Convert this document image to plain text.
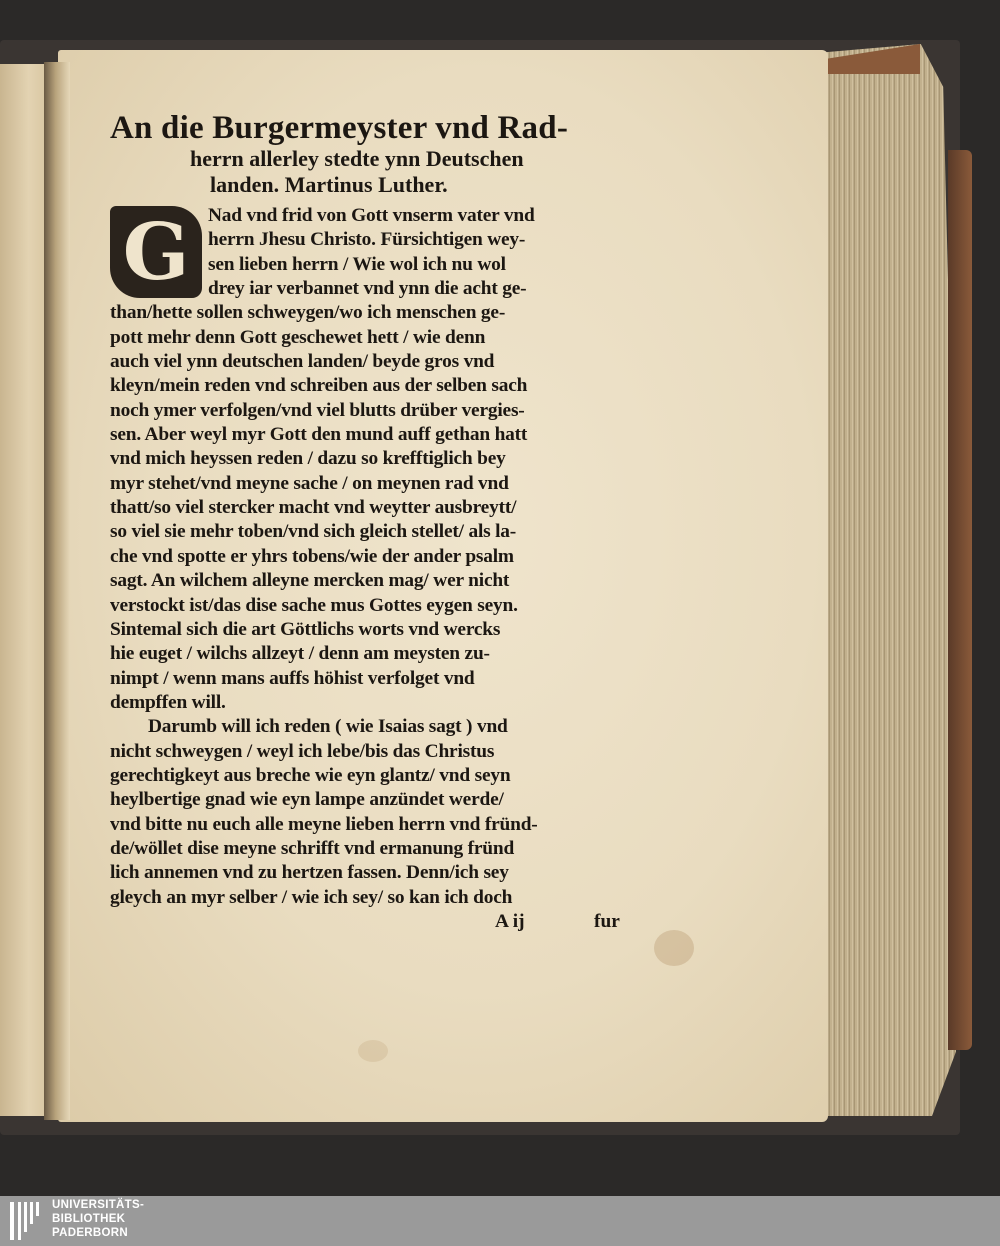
An die Burgermeyster vnd Rad-

herrn allerley stedte ynn Deutschen

landen. Martinus Luther.

G Nad vnd frid von Gott vnserm vater vnd

herrn Jhesu Christo. Fürsichtigen wey-

sen lieben herrn / Wie wol ich nu wol

drey iar verbannet vnd ynn die acht ge-

than/hette sollen schweygen/wo ich menschen ge-

pott mehr denn Gott geschewet hett / wie denn

auch viel ynn deutschen landen/ beyde gros vnd

kleyn/mein reden vnd schreiben aus der selben sach

noch ymer verfolgen/vnd viel blutts drüber vergies-

sen. Aber weyl myr Gott den mund auff gethan hatt

vnd mich heyssen reden / dazu so krefftiglich bey

myr stehet/vnd meyne sache / on meynen rad vnd

thatt/so viel stercker macht vnd weytter ausbreytt/

so viel sie mehr toben/vnd sich gleich stellet/ als la-

che vnd spotte er yhrs tobens/wie der ander psalm

sagt. An wilchem alleyne mercken mag/ wer nicht

verstockt ist/das dise sache mus Gottes eygen seyn.

Sintemal sich die art Göttlichs worts vnd wercks

hie euget / wilchs allzeyt / denn am meysten zu-

nimpt / wenn mans auffs höhist verfolget vnd

dempffen will.

Darumb will ich reden ( wie Isaias sagt ) vnd

nicht schweygen / weyl ich lebe/bis das Christus

gerechtigkeyt aus breche wie eyn glantz/ vnd seyn

heylbertige gnad wie eyn lampe anzündet werde/

vnd bitte nu euch alle meyne lieben herrn vnd fründ-

de/wöllet dise meyne schrifft vnd ermanung fründ

lich annemen vnd zu hertzen fassen. Denn/ich sey

gleych an myr selber / wie ich sey/ so kan ich doch

A ij	fur
UNIVERSITÄTS-
BIBLIOTHEK
PADERBORN
